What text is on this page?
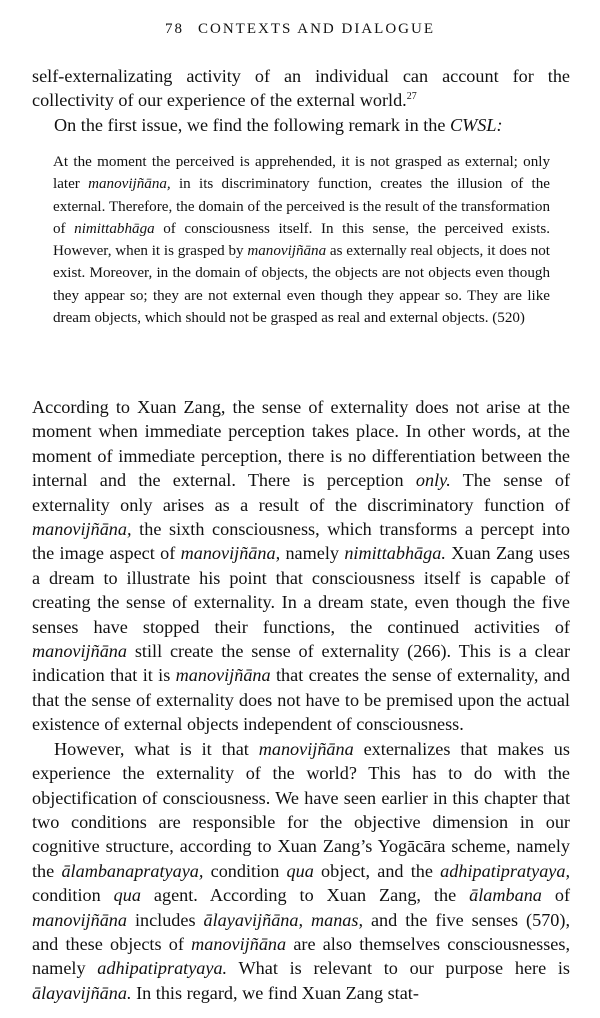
78 CONTEXTS AND DIALOGUE

self-externalizating activity of an individual can account for the collectivity of our experience of the external world.$^{27}$

On the first issue, we find the following remark in the CWSL:

At the moment the perceived is apprehended, it is not grasped as external; only later manovijñāna, in its discriminatory function, creates the illusion of the external. Therefore, the domain of the perceived is the result of the transformation of nimittabhāga of consciousness itself. In this sense, the perceived exists. However, when it is grasped by manovijñāna as externally real objects, it does not exist. Moreover, in the domain of objects, the objects are not objects even though they appear so; they are not external even though they appear so. They are like dream objects, which should not be grasped as real and external objects. (520)

According to Xuan Zang, the sense of externality does not arise at the moment when immediate perception takes place. In other words, at the moment of immediate perception, there is no differentiation between the internal and the external. There is perception only. The sense of externality only arises as a result of the discriminatory function of manovijñāna, the sixth consciousness, which transforms a percept into the image aspect of manovijñāna, namely nimittabhāga. Xuan Zang uses a dream to illustrate his point that consciousness itself is capable of creating the sense of externality. In a dream state, even though the five senses have stopped their functions, the continued activities of manovijñāna still create the sense of externality (266). This is a clear indication that it is manovijñāna that creates the sense of externality, and that the sense of externality does not have to be premised upon the actual existence of external objects independent of consciousness.

However, what is it that manovijñāna externalizes that makes us experience the externality of the world? This has to do with the objectification of consciousness. We have seen earlier in this chapter that two conditions are responsible for the objective dimension in our cognitive structure, according to Xuan Zang’s Yogācāra scheme, namely the ālambanapratyaya, condition qua object, and the adhipatipratyaya, condition qua agent. According to Xuan Zang, the ālambana of manovijñāna includes ālayavijñāna, manas, and the five senses (570), and these objects of manovijñāna are also themselves consciousnesses, namely adhipatipratyaya. What is relevant to our purpose here is ālayavijñāna. In this regard, we find Xuan Zang stat-
